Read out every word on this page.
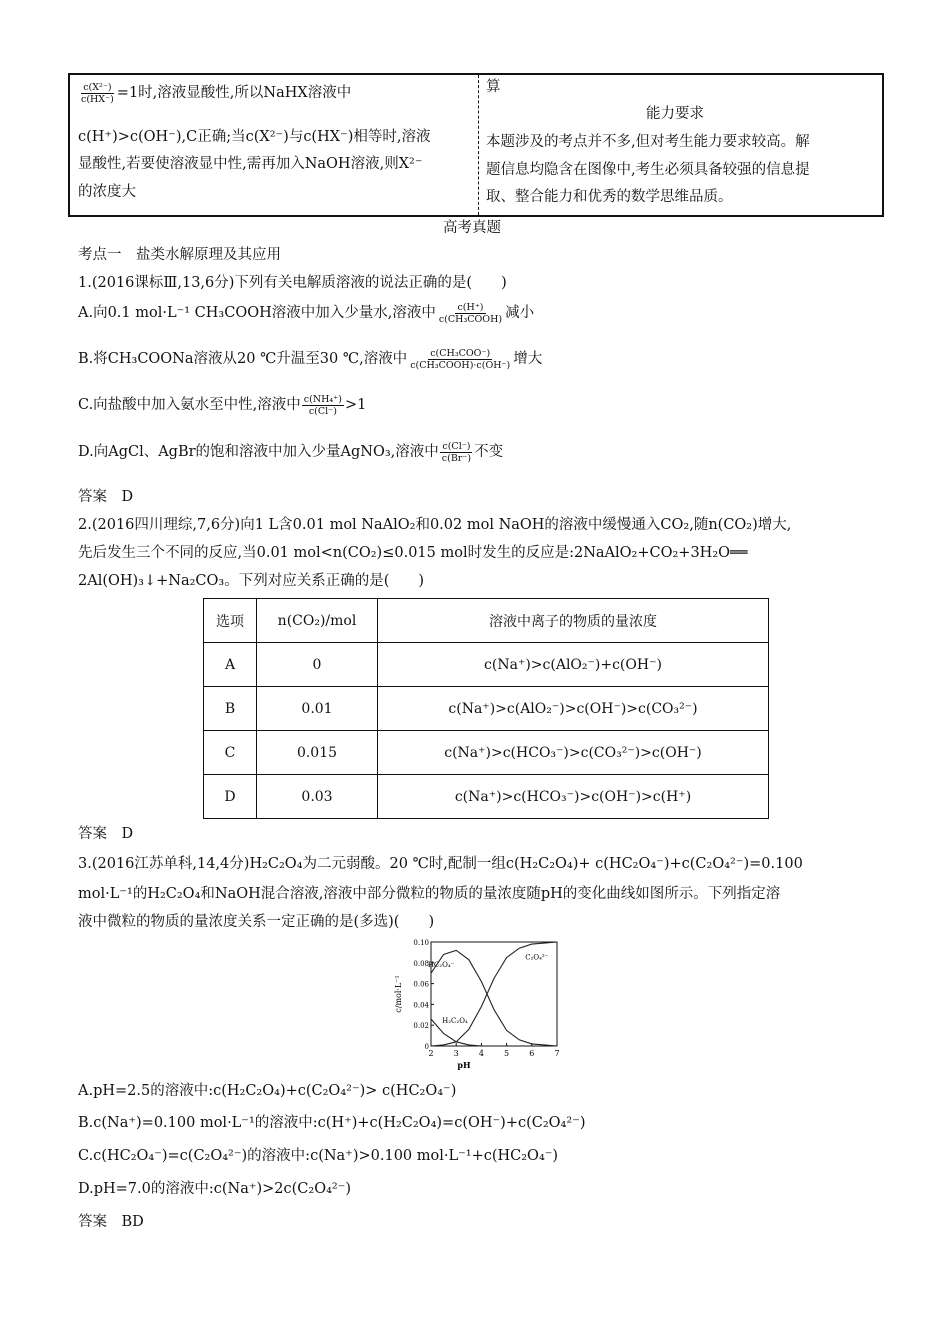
$\frac{\text{c(X²⁻)}}{c(HX^-)} =1$时,溶液显酸性,所以NaHX溶液中
c(H⁺)>c(OH⁻),C正确;当c(X²⁻)与c(HX⁻)相等时,溶液
显酸性,若要使溶液显中性,需再加入NaOH溶液,则X²⁻
的浓度大
算
能力要求
本题涉及的考点并不多,但对考生能力要求较高。解
题信息均隐含在图像中,考生必须具备较强的信息提
取、整合能力和优秀的数学思维品质。
高考真题
考点一　盐类水解原理及其应用
1.(2016课标Ⅲ,13,6分)下列有关电解质溶液的说法正确的是(　　)
A.向0.1 mol·L⁻¹ CH₃COOH溶液中加入少量水,溶液中 $\frac{c(H^+)}{\text{c(CH₃COOH)}}$ 减小
B.将CH₃COONa溶液从20 ℃升温至30 ℃,溶液中 $\frac{\text{c(CH₃COO⁻)}}{\text{c(CH₃COOH)·c(OH⁻)}}$ 增大
C.向盐酸中加入氨水至中性,溶液中 $\frac{\text{c(NH₄⁺)}}{c(Cl^-)} >1$
D.向AgCl、AgBr的饱和溶液中加入少量AgNO₃,溶液中 $\frac{c(Cl^-)}{c(Br^-)}$ 不变
答案　D
2.(2016四川理综,7,6分)向1 L含0.01 mol NaAlO₂和0.02 mol NaOH的溶液中缓慢通入CO₂,随n(CO₂)增大,
先后发生三个不同的反应,当0.01 mol<n(CO₂)≤0.015 mol时发生的反应是:2NaAlO₂+CO₂+3H₂O══
2Al(OH)₃↓+Na₂CO₃。下列对应关系正确的是(　　)
选项	n(CO₂)/mol	溶液中离子的物质的量浓度
A	0	c(Na⁺)>c(AlO₂⁻)+c(OH⁻)
B	0.01	c(Na⁺)>c(AlO₂⁻)>c(OH⁻)>c(CO₃²⁻)
C	0.015	c(Na⁺)>c(HCO₃⁻)>c(CO₃²⁻)>c(OH⁻)
D	0.03	c(Na⁺)>c(HCO₃⁻)>c(OH⁻)>c(H⁺)
答案　D
3.(2016江苏单科,14,4分)H₂C₂O₄为二元弱酸。20 ℃时,配制一组c(H₂C₂O₄)+ c(HC₂O₄⁻)+c(C₂O₄²⁻)=0.100
mol·L⁻¹的H₂C₂O₄和NaOH混合溶液,溶液中部分微粒的物质的量浓度随pH的变化曲线如图所示。下列指定溶
液中微粒的物质的量浓度关系一定正确的是(多选)(　　)
2	3	4	5	6	7
0
0.02
0.04
0.06
0.08
0.10
pH
c/mol·L⁻¹
H₂C₂O₄
HC₂O₄⁻
C₂O₄²⁻
A.pH=2.5的溶液中:c(H₂C₂O₄)+c(C₂O₄²⁻)> c(HC₂O₄⁻)
B.c(Na⁺)=0.100 mol·L⁻¹的溶液中:c(H⁺)+c(H₂C₂O₄)=c(OH⁻)+c(C₂O₄²⁻)
C.c(HC₂O₄⁻)=c(C₂O₄²⁻)的溶液中:c(Na⁺)>0.100 mol·L⁻¹+c(HC₂O₄⁻)
D.pH=7.0的溶液中:c(Na⁺)>2c(C₂O₄²⁻)
答案　BD
